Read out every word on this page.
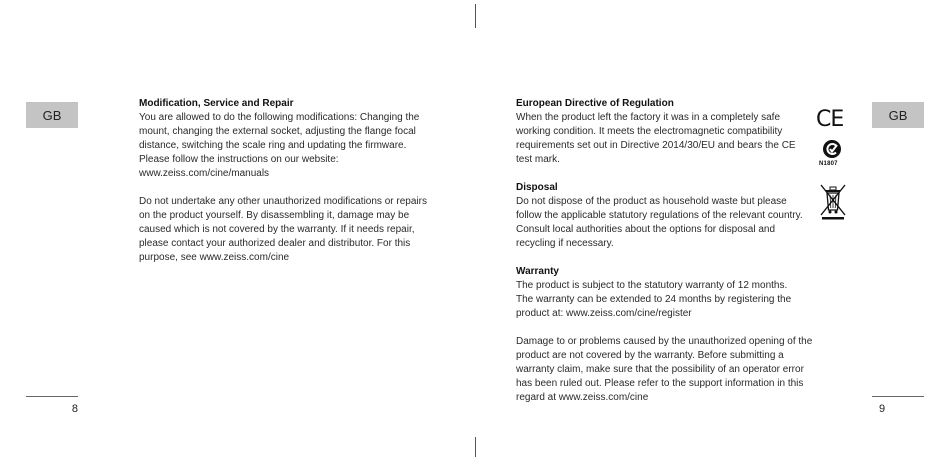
GB	GB
Modification, Service and Repair

You are allowed to do the following modifications: Changing the mount, changing the external socket, adjusting the flange focal distance, switching the scale ring and updating the firmware. Please follow the instructions on our website: www.zeiss.com/cine/manuals

Do not undertake any other unauthorized modifications or repairs on the product yourself. By disassembling it, damage may be caused which is not covered by the warranty. If it needs repair, please contact your authorized dealer and distributor. For this purpose, see www.zeiss.com/cine

European Directive of Regulation

When the product left the factory it was in a completely safe working condition. It meets the electromagnetic compatibility requirements set out in Directive 2014/30/EU and bears the CE test mark.

Disposal

Do not dispose of the product as household waste but please follow the applicable statutory regulations of the relevant country. Consult local authorities about the options for disposal and recycling if necessary.

Warranty
The product is subject to the statutory warranty of 12 months.

The warranty can be extended to 24 months by registering the product at: www.zeiss.com/cine/register

Damage to or problems caused by the unauthorized opening of the product are not covered by the warranty. Before submitting a warranty claim, make sure that the possibility of an operator error has been ruled out. Please refer to the support information in this regard at www.zeiss.com/cine

CE
N1807
8	9
